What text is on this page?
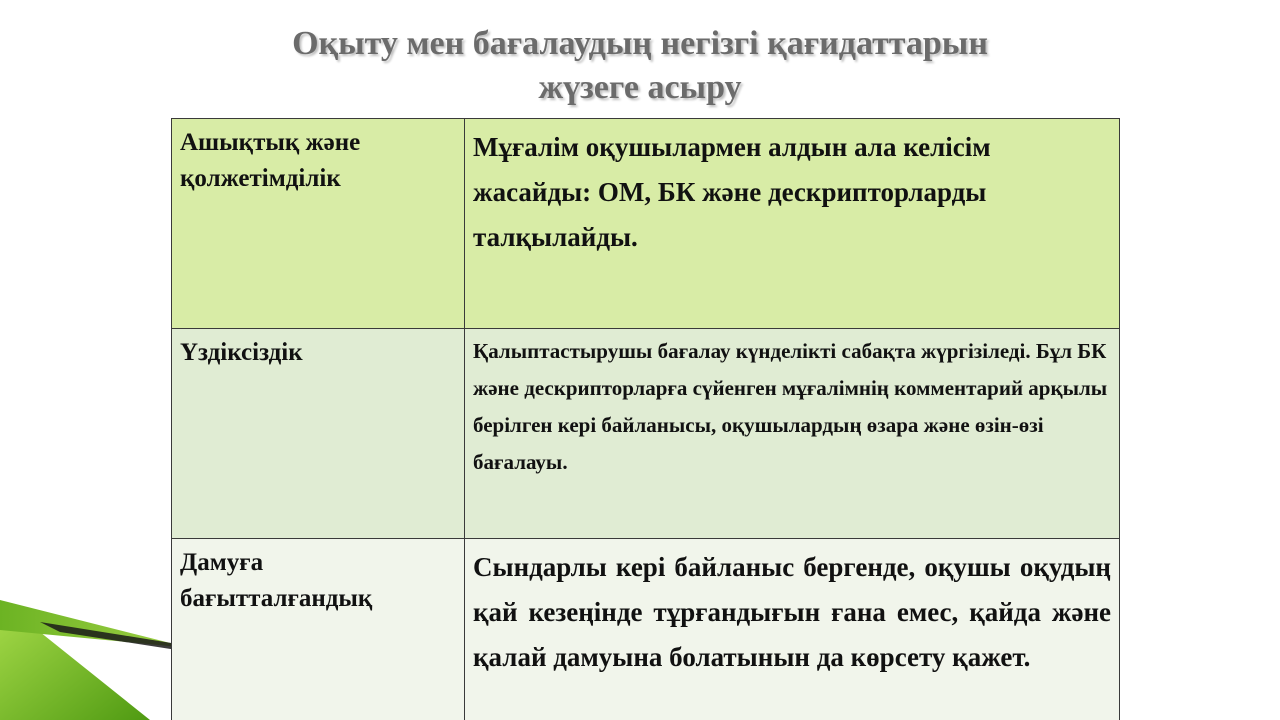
Оқыту мен бағалаудың негізгі қағидаттарын
жүзеге асыру
Ашықтық және қолжетімділік	Мұғалім оқушылармен алдын ала келісім жасайды: ОМ, БК және дескрипторларды талқылайды.
Үздіксіздік	Қалыптастырушы бағалау күнделікті сабақта жүргізіледі. Бұл БК және дескрипторларға сүйенген мұғалімнің комментарий арқылы берілген кері байланысы, оқушылардың өзара және өзін-өзі бағалауы.
Дамуға бағытталғандық	Сындарлы кері байланыс бергенде, оқушы оқудың қай кезеңінде тұрғандығын ғана емес, қайда және қалай дамуына болатынын да көрсету қажет.
